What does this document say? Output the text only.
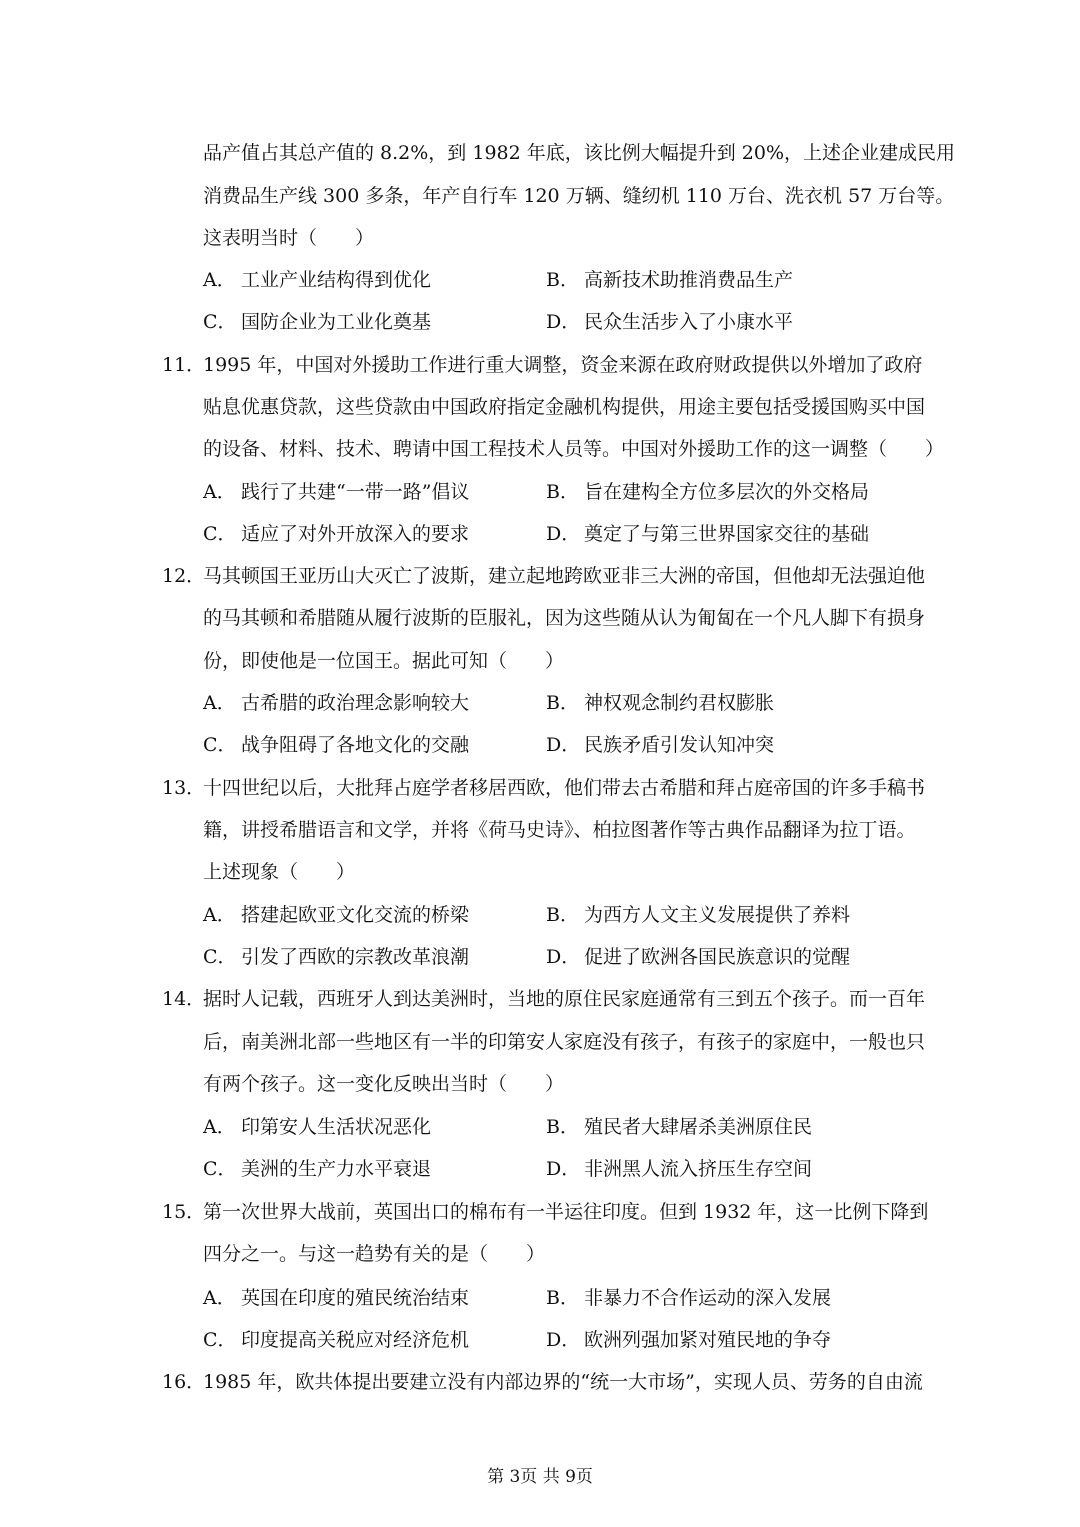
品产值占其总产值的 8.2%，到 1982 年底，该比例大幅提升到 20%，上述企业建成民用
消费品生产线 300 多条，年产自行车 120 万辆、缝纫机 110 万台、洗衣机 57 万台等。
这表明当时（　　）
A． 工业产业结构得到优化	B． 高新技术助推消费品生产
C． 国防企业为工业化奠基	D． 民众生活步入了小康水平
11．
1995 年，中国对外援助工作进行重大调整，资金来源在政府财政提供以外增加了政府
贴息优惠贷款，这些贷款由中国政府指定金融机构提供，用途主要包括受援国购买中国
的设备、材料、技术、聘请中国工程技术人员等。中国对外援助工作的这一调整（　　）
A． 践行了共建“一带一路”倡议	B． 旨在建构全方位多层次的外交格局
C． 适应了对外开放深入的要求	D． 奠定了与第三世界国家交往的基础
12．
马其顿国王亚历山大灭亡了波斯，建立起地跨欧亚非三大洲的帝国，但他却无法强迫他
的马其顿和希腊随从履行波斯的臣服礼，因为这些随从认为匍匐在一个凡人脚下有损身
份，即使他是一位国王。据此可知（　　）
A． 古希腊的政治理念影响较大	B． 神权观念制约君权膨胀
C． 战争阻碍了各地文化的交融	D． 民族矛盾引发认知冲突
13．
十四世纪以后，大批拜占庭学者移居西欧，他们带去古希腊和拜占庭帝国的许多手稿书
籍，讲授希腊语言和文学，并将《荷马史诗》、柏拉图著作等古典作品翻译为拉丁语。
上述现象（　　）
A． 搭建起欧亚文化交流的桥梁	B． 为西方人文主义发展提供了养料
C． 引发了西欧的宗教改革浪潮	D． 促进了欧洲各国民族意识的觉醒
14．
据时人记载，西班牙人到达美洲时，当地的原住民家庭通常有三到五个孩子。而一百年
后，南美洲北部一些地区有一半的印第安人家庭没有孩子，有孩子的家庭中，一般也只
有两个孩子。这一变化反映出当时（　　）
A． 印第安人生活状况恶化	B． 殖民者大肆屠杀美洲原住民
C． 美洲的生产力水平衰退	D． 非洲黑人流入挤压生存空间
15．
第一次世界大战前，英国出口的棉布有一半运往印度。但到 1932 年，这一比例下降到
四分之一。与这一趋势有关的是（　　）
A． 英国在印度的殖民统治结束	B． 非暴力不合作运动的深入发展
C． 印度提高关税应对经济危机	D． 欧洲列强加紧对殖民地的争夺
16．
1985 年，欧共体提出要建立没有内部边界的“统一大市场”，实现人员、劳务的自由流
第 3页 共 9页
